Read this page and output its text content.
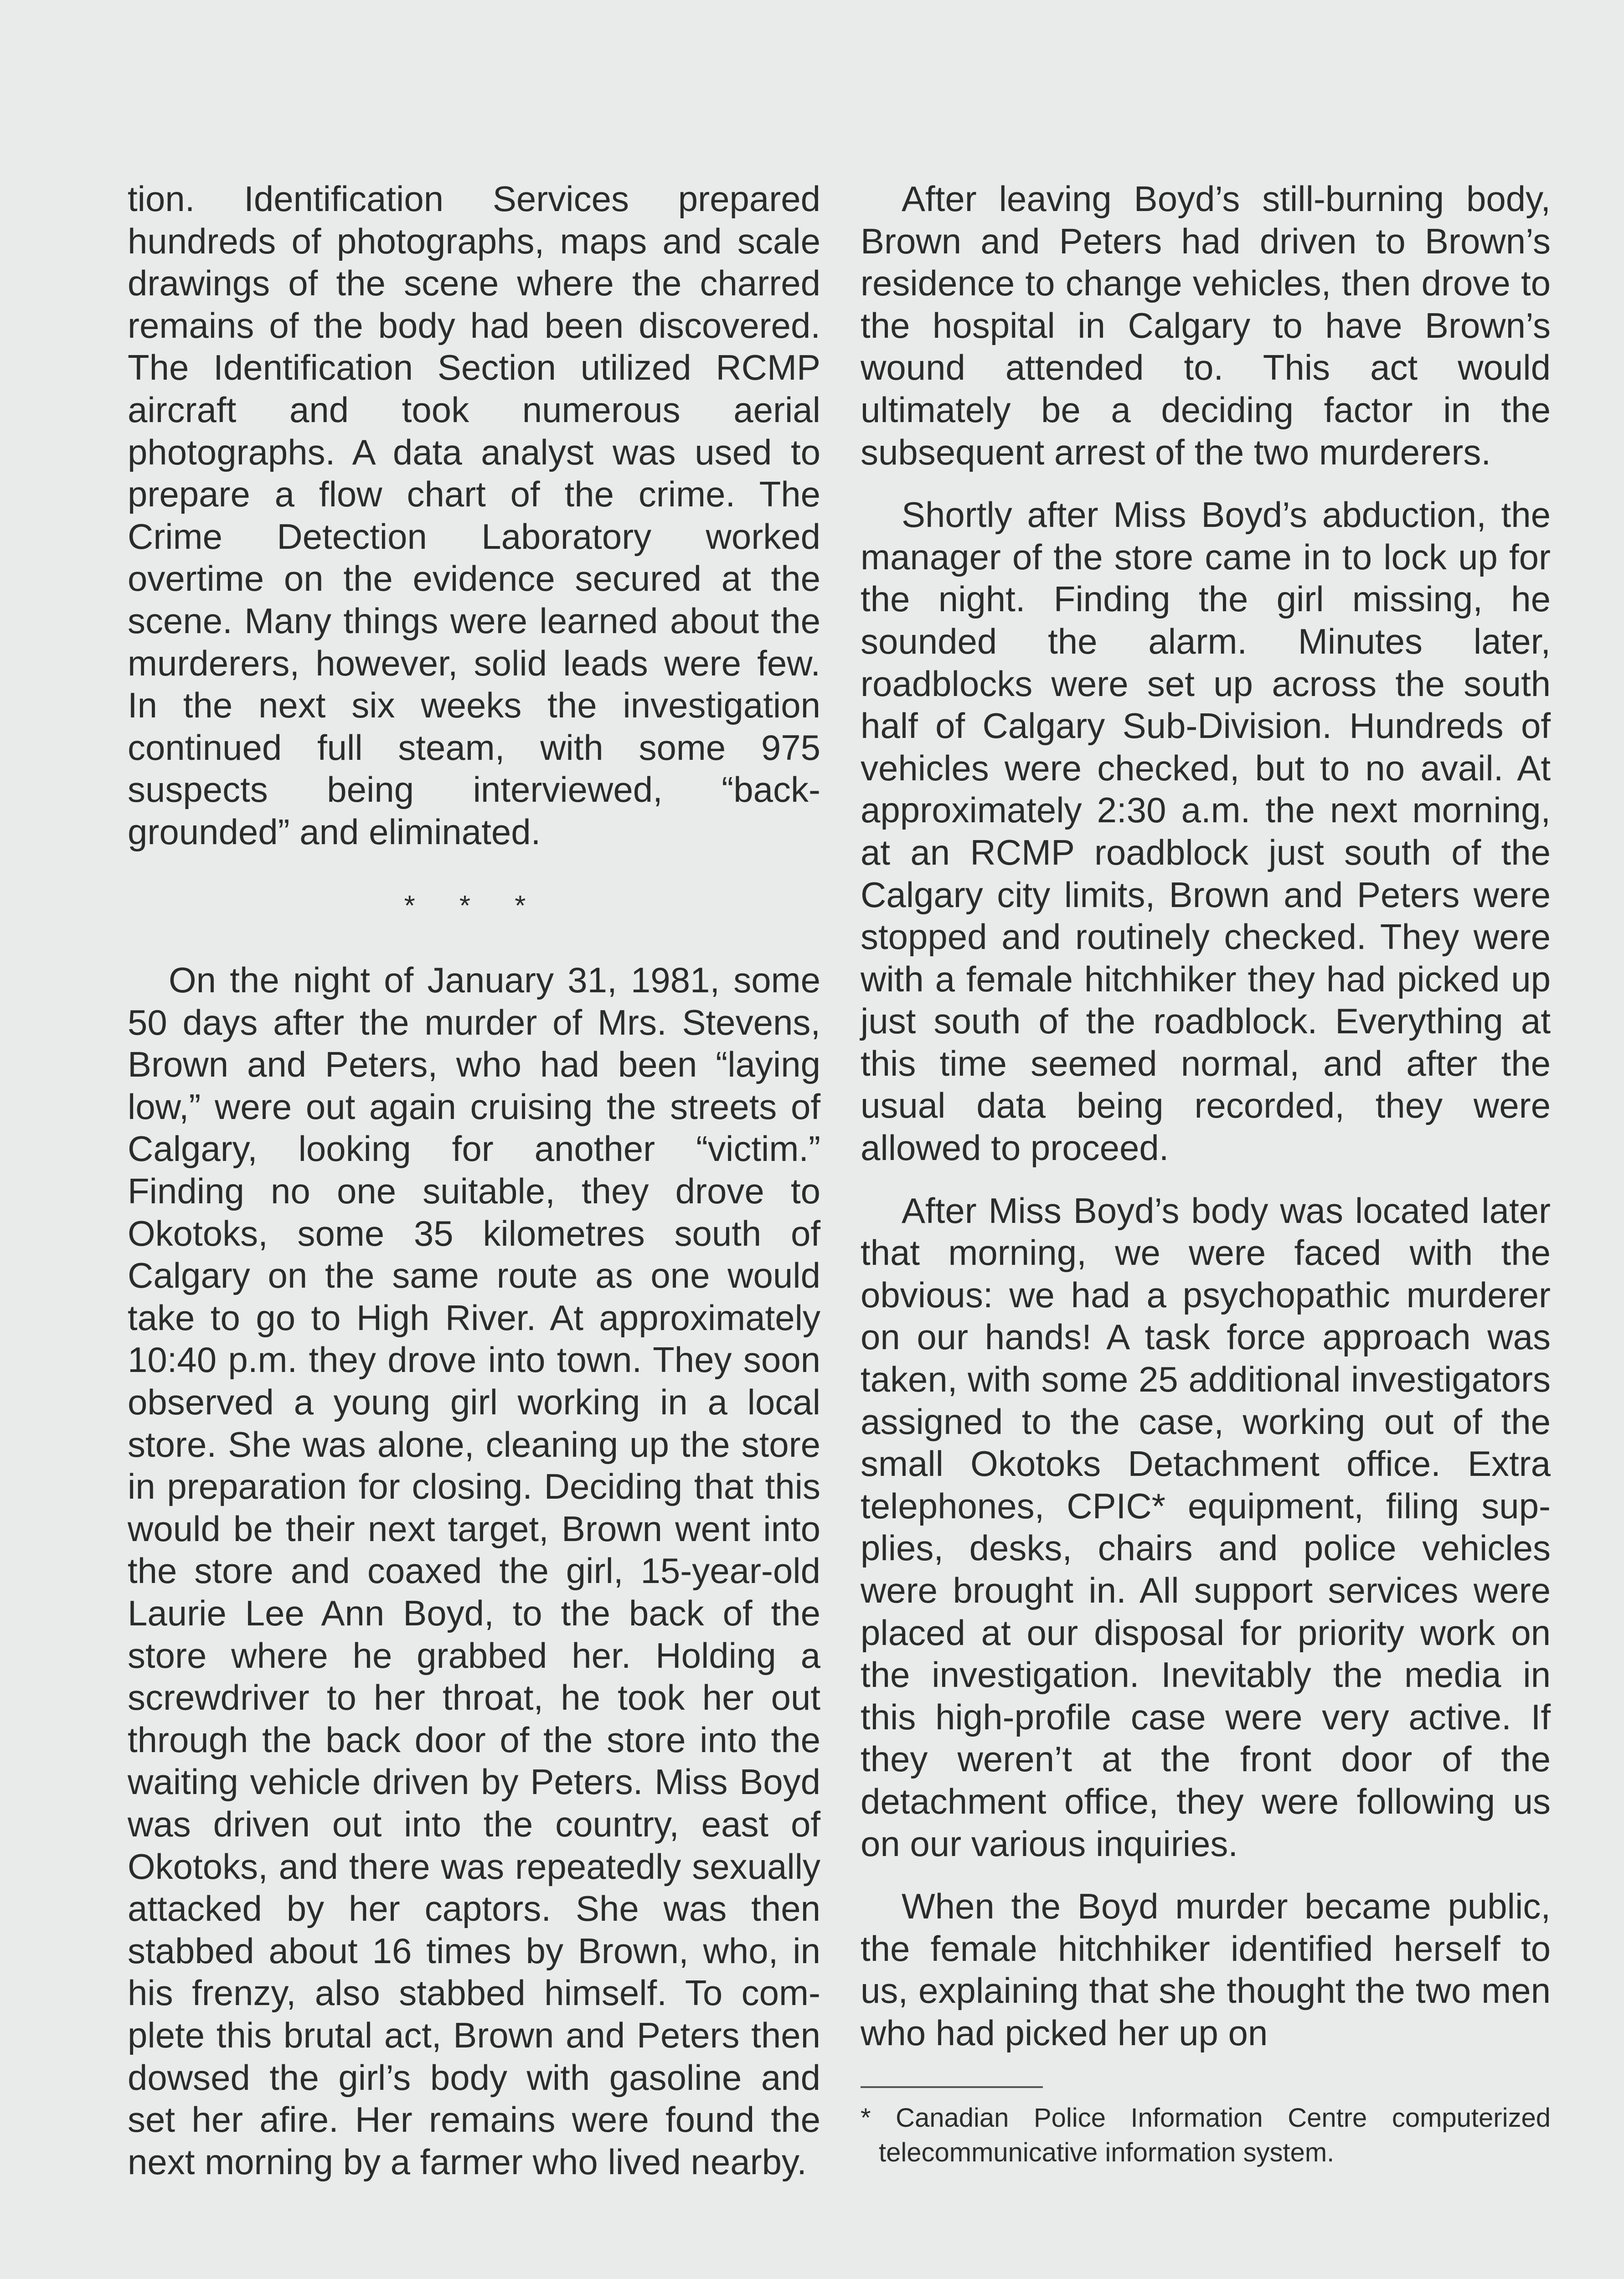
tion. Identification Services prepared hundreds of photographs, maps and scale drawings of the scene where the charred remains of the body had been discovered. The Identification Section utilized RCMP aircraft and took numerous aerial photographs. A data analyst was used to prepare a flow chart of the crime. The Crime Detection Laboratory worked overtime on the evidence secured at the scene. Many things were learned about the murderers, however, solid leads were few. In the next six weeks the investigation continued full steam, with some 975 suspects being interviewed, “backgrounded” and eliminated.

* * *

On the night of January 31, 1981, some 50 days after the murder of Mrs. Stevens, Brown and Peters, who had been “laying low,” were out again cruising the streets of Calgary, looking for another “victim.” Finding no one suitable, they drove to Okotoks, some 35 kilometres south of Calgary on the same route as one would take to go to High River. At approximately 10:40 p.m. they drove into town. They soon observed a young girl working in a local store. She was alone, cleaning up the store in preparation for closing. Deciding that this would be their next target, Brown went into the store and coaxed the girl, 15-year-old Laurie Lee Ann Boyd, to the back of the store where he grabbed her. Holding a screwdriver to her throat, he took her out through the back door of the store into the waiting vehicle driven by Peters. Miss Boyd was driven out into the country, east of Okotoks, and there was repeatedly sexually attacked by her captors. She was then stabbed about 16 times by Brown, who, in his frenzy, also stabbed himself. To complete this brutal act, Brown and Peters then dowsed the girl’s body with gasoline and set her afire. Her remains were found the next morning by a farmer who lived nearby.

After leaving Boyd’s still-burning body, Brown and Peters had driven to Brown’s residence to change vehicles, then drove to the hospital in Calgary to have Brown’s wound attended to. This act would ultimately be a deciding factor in the subsequent arrest of the two murderers.

Shortly after Miss Boyd’s abduction, the manager of the store came in to lock up for the night. Finding the girl missing, he sounded the alarm. Minutes later, roadblocks were set up across the south half of Calgary Sub-Division. Hundreds of vehicles were checked, but to no avail. At approximately 2:30 a.m. the next morning, at an RCMP roadblock just south of the Calgary city limits, Brown and Peters were stopped and routinely checked. They were with a female hitchhiker they had picked up just south of the roadblock. Everything at this time seemed normal, and after the usual data being recorded, they were allowed to proceed.

After Miss Boyd’s body was located later that morning, we were faced with the obvious: we had a psychopathic murderer on our hands! A task force approach was taken, with some 25 additional investigators assigned to the case, working out of the small Okotoks Detachment office. Extra telephones, CPIC* equipment, filing supplies, desks, chairs and police vehicles were brought in. All support services were placed at our disposal for priority work on the investigation. Inevitably the media in this high-profile case were very active. If they weren’t at the front door of the detachment office, they were following us on our various inquiries.

When the Boyd murder became public, the female hitchhiker identified herself to us, explaining that she thought the two men who had picked her up on

* Canadian Police Information Centre computerized telecommunicative information system.
